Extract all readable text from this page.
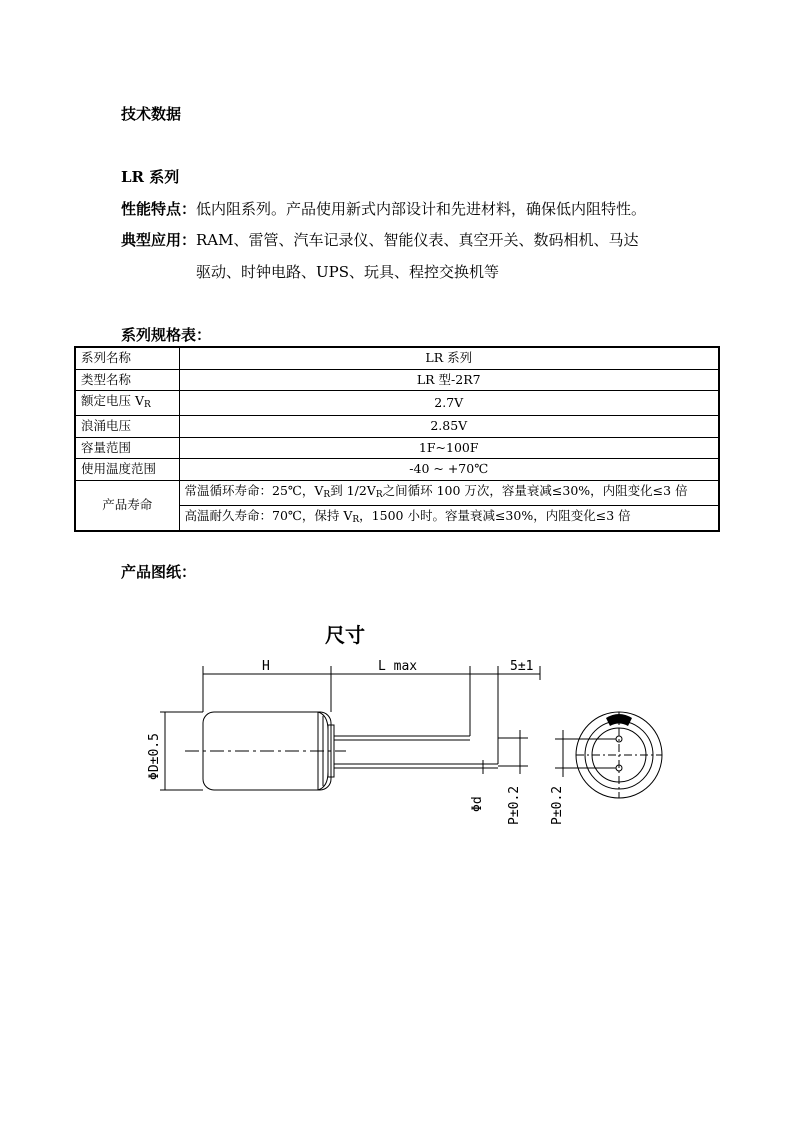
技术数据
LR 系列
性能特点：低内阻系列。产品使用新式内部设计和先进材料，确保低内阻特性。
典型应用：RAM、雷管、汽车记录仪、智能仪表、真空开关、数码相机、马达
驱动、时钟电路、UPS、玩具、程控交换机等
系列规格表：
系列名称	LR 系列
类型名称	LR 型-2R7
额定电压 $V_R$	2.7V
浪涌电压	2.85V
容量范围	1F~100F
使用温度范围	-40 ~ +70℃
产品寿命	常温循环寿命：25℃，$V_R$到 $1/2V_R$之间循环 100 万次，容量衰减≤30%，内阻变化≤3 倍
	高温耐久寿命：70℃，保持 $V_R$，1500 小时。容量衰减≤30%，内阻变化≤3 倍
产品图纸：
尺寸
H	L max	5±1
ΦD±0.5
Φd P±0.2 P±0.2
